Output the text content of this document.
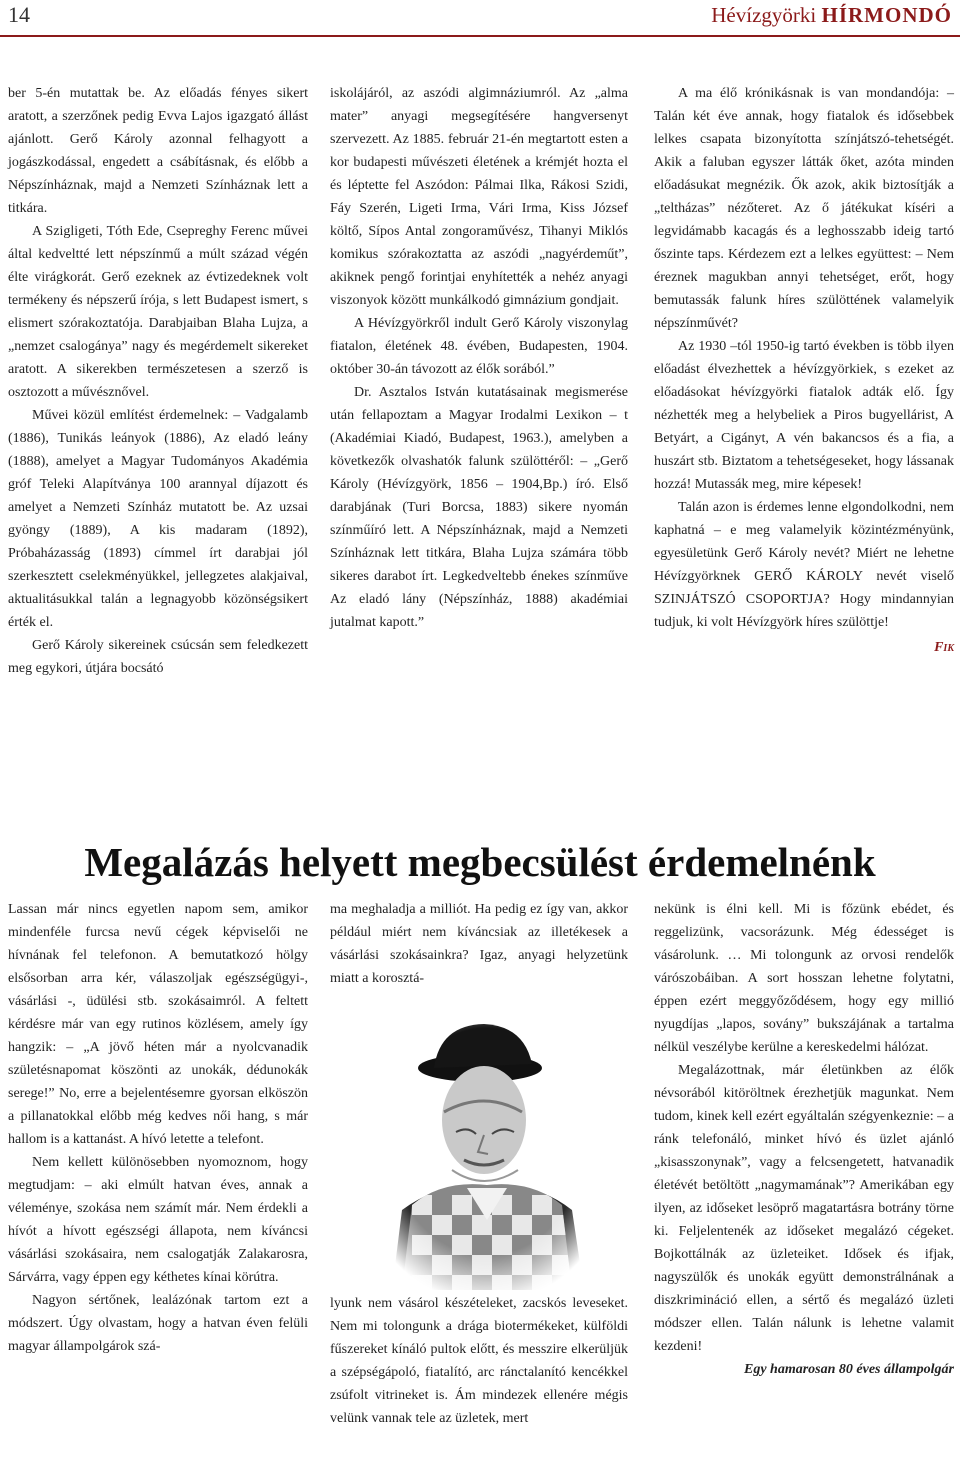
14	Hévízgyörki HÍRMONDÓ

ber 5-én mutattak be. Az előadás fényes sikert aratott, a szerzőnek pedig Evva Lajos igazgató állást ajánlott. Gerő Károly azonnal felhagyott a jogászkodással, engedett a csábításnak, és előbb a Népszínháznak, majd a Nemzeti Színháznak lett a titkára.

A Szigligeti, Tóth Ede, Csepreghy Ferenc művei által kedveltté lett népszínmű a múlt század végén élte virágkorát. Gerő ezeknek az évtizedeknek volt termékeny és népszerű írója, s lett Budapest ismert, s elismert szórakoztatója. Darabjaiban Blaha Lujza, a „nemzet csalogánya” nagy és megérdemelt sikereket aratott. A sikerekben természetesen a szerző is osztozott a művésznővel.

Művei közül említést érdemelnek: – Vadgalamb (1886), Tunikás leányok (1886), Az eladó leány (1888), amelyet a Magyar Tudományos Akadémia gróf Teleki Alapítványa 100 arannyal díjazott és amelyet a Nemzeti Színház mutatott be. Az uzsai gyöngy (1889), A kis madaram (1892), Próbaházasság (1893) címmel írt darabjai jól szerkesztett cselekményükkel, jellegzetes alakjaival, aktualitásukkal talán a legnagyobb közönségsikert érték el.

Gerő Károly sikereinek csúcsán sem feledkezett meg egykori, útjára bocsátó

iskolájáról, az aszódi algimnáziumról. Az „alma mater” anyagi megsegítésére hangversenyt szervezett. Az 1885. február 21-én megtartott esten a kor budapesti művészeti életének a krémjét hozta el és léptette fel Aszódon: Pálmai Ilka, Rákosi Szidi, Fáy Szerén, Ligeti Irma, Vári Irma, Kiss József költő, Sípos Antal zongoraművész, Tihanyi Miklós komikus szórakoztatta az aszódi „nagyérdeműt”, akiknek pengő forintjai enyhítették a nehéz anyagi viszonyok között munkálkodó gimnázium gondjait.

A Hévízgyörkről indult Gerő Károly viszonylag fiatalon, életének 48. évében, Budapesten, 1904. október 30-án távozott az élők sorából.”

Dr. Asztalos István kutatásainak megismerése után fellapoztam a Magyar Irodalmi Lexikon – t (Akadémiai Kiadó, Budapest, 1963.), amelyben a következők olvashatók falunk szülöttéről: – „Gerő Károly (Hévízgyörk, 1856 – 1904,Bp.) író. Első darabjának (Turi Borcsa, 1883) sikere nyomán színműíró lett. A Népszínháznak, majd a Nemzeti Színháznak lett titkára, Blaha Lujza számára több sikeres darabot írt. Legkedveltebb énekes színműve Az eladó lány (Népszínház, 1888) akadémiai jutalmat kapott.”

A ma élő krónikásnak is van mondandója: – Talán két éve annak, hogy fiatalok és idősebbek lelkes csapata bizonyította színjátszó-tehetségét. Akik a faluban egyszer látták őket, azóta minden előadásukat megnézik. Ők azok, akik biztosítják a „teltházas” nézőteret. Az ő játékukat kíséri a legvidámabb kacagás és a leghosszabb ideig tartó őszinte taps. Kérdezem ezt a lelkes együttest: – Nem éreznek magukban annyi tehetséget, erőt, hogy bemutassák falunk híres szülöttének valamelyik népszínművét?

Az 1930 –tól 1950-ig tartó években is több ilyen előadást élvezhettek a hévízgyörkiek, s ezeket az előadásokat hévízgyörki fiatalok adták elő. Így nézhették meg a helybeliek a Piros bugyellárist, A Betyárt, a Cigányt, A vén bakancsos és a fia, a huszárt stb. Biztatom a tehetségeseket, hogy lássanak hozzá! Mutassák meg, mire képesek!

Talán azon is érdemes lenne elgondolkodni, nem kaphatná – e meg valamelyik közintézményünk, egyesületünk Gerő Károly nevét? Miért ne lehetne Hévízgyörknek GERŐ KÁROLY nevét viselő SZINJÁTSZÓ CSOPORTJA? Hogy mindannyian tudjuk, ki volt Hévízgyörk híres szülöttje!

Fik

Megalázás helyett megbecsülést érdemelnénk

Lassan már nincs egyetlen napom sem, amikor mindenféle furcsa nevű cégek képviselői ne hívnának fel telefonon. A bemutatkozó hölgy elsősorban arra kér, válaszoljak egészségügyi-, vásárlási -, üdülési stb. szokásaimról. A feltett kérdésre már van egy rutinos közlésem, amely így hangzik: – „A jövő héten már a nyolcvanadik születésnapomat köszönti az unokák, dédunokák serege!” No, erre a bejelentésemre gyorsan elköszön a pillanatokkal előbb még kedves női hang, s már hallom is a kattanást. A hívó letette a telefont.

Nem kellett különösebben nyomoznom, hogy megtudjam: – aki elmúlt hatvan éves, annak a véleménye, szokása nem számít már. Nem érdekli a hívót a hívott egészségi állapota, nem kíváncsi vásárlási szokásaira, nem csalogatják Zalakarosra, Sárvárra, vagy éppen egy kéthetes kínai körútra.

Nagyon sértőnek, lealázónak tartom ezt a módszert. Úgy olvastam, hogy a hatvan éven felüli magyar állampolgárok szá-

ma meghaladja a milliót. Ha pedig ez így van, akkor például miért nem kíváncsiak az illetékesek a vásárlási szokásainkra? Igaz, anyagi helyzetünk miatt a korosztá-

lyunk nem vásárol készételeket, zacskós leveseket. Nem mi tolongunk a drága biotermékeket, külföldi fűszereket kínáló pultok előtt, és messzire elkerüljük a szépségápoló, fiatalító, arc ránctalanító kencékkel zsúfolt vitrineket is. Ám mindezek ellenére mégis velünk vannak tele az üzletek, mert

nekünk is élni kell. Mi is főzünk ebédet, és reggelizünk, vacsorázunk. Még édességet is vásárolunk. … Mi tolongunk az orvosi rendelők várószobáiban. A sort hosszan lehetne folytatni, éppen ezért meggyőződésem, hogy egy millió nyugdíjas „lapos, sovány” bukszájának a tartalma nélkül veszélybe kerülne a kereskedelmi hálózat.

Megalázottnak, már életünkben az élők névsorából kitöröltnek érezhetjük magunkat. Nem tudom, kinek kell ezért egyáltalán szégyenkeznie: – a ránk telefonáló, minket hívó és üzlet ajánló „kisasszonynak”, vagy a felcsengetett, hatvanadik életévét betöltött „nagymamának”? Amerikában egy ilyen, az időseket lesöprő magatartásra botrány törne ki. Feljelentenék az időseket megalázó cégeket. Bojkottálnák az üzleteiket. Idősek és ifjak, nagyszülők és unokák együtt demonstrálnának a diszkrimináció ellen, a sértő és megalázó üzleti módszer ellen. Talán nálunk is lehetne valamit kezdeni!

Egy hamarosan 80 éves állampolgár
